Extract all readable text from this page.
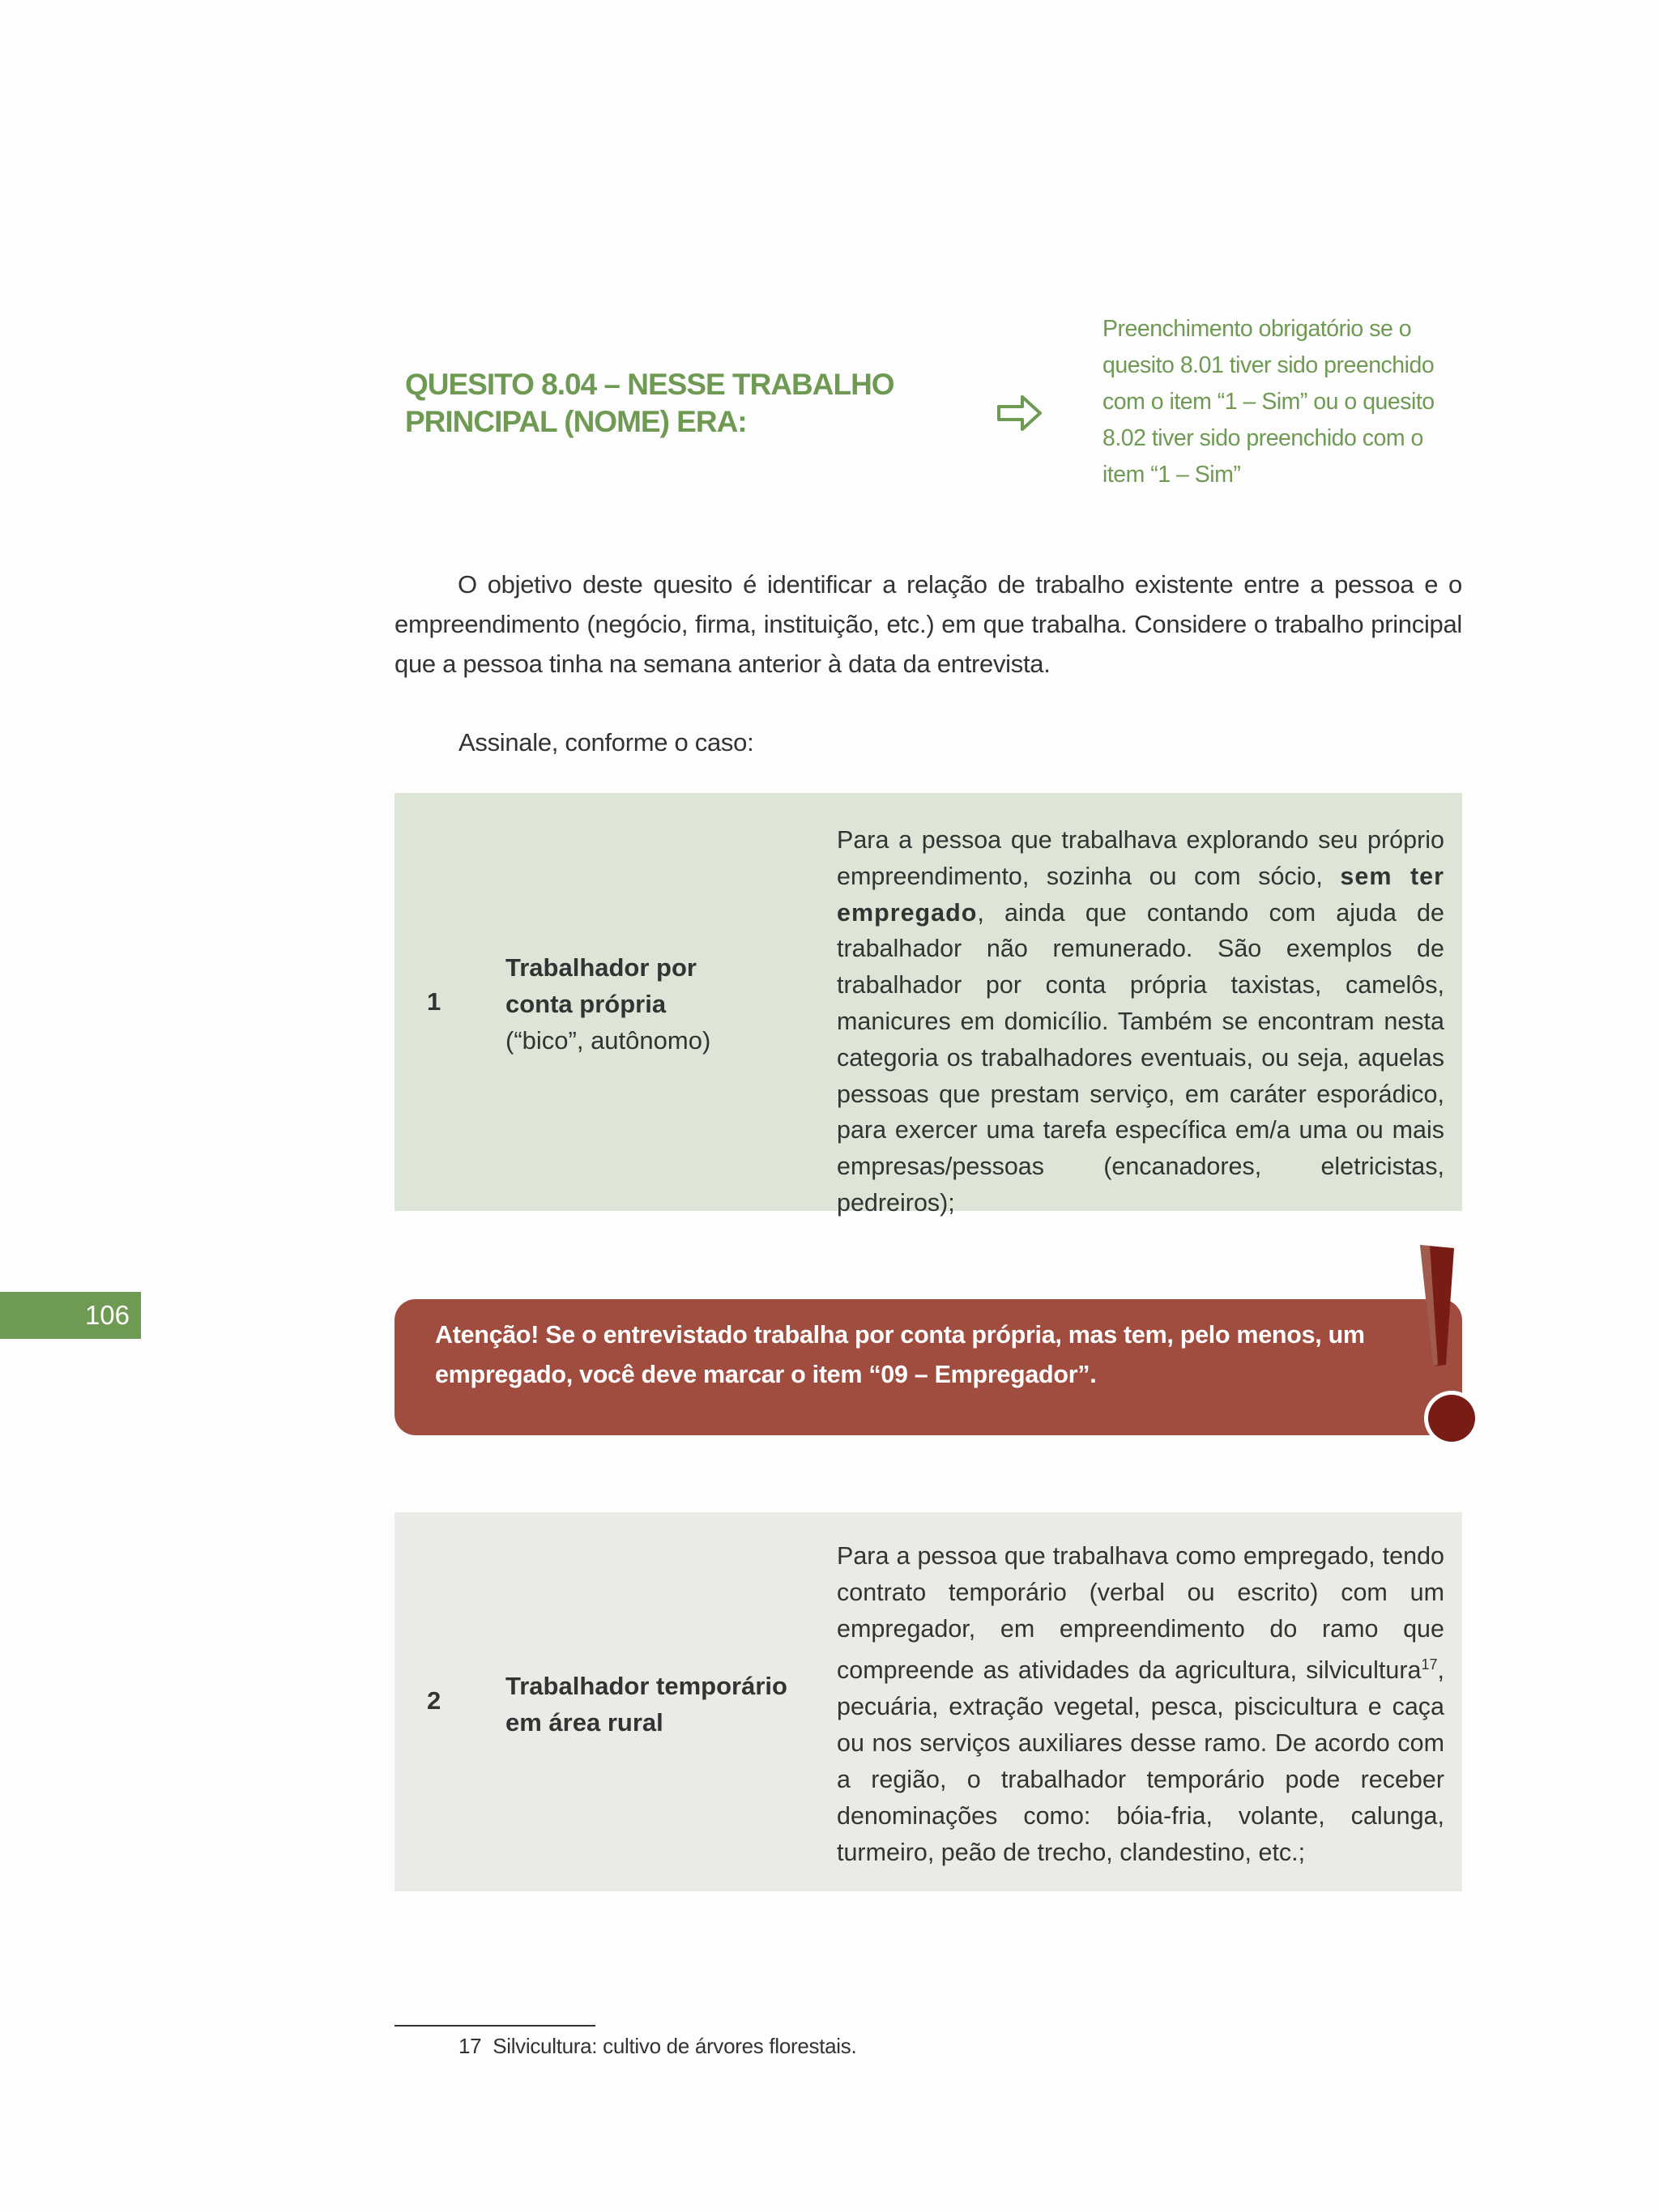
QUESITO 8.04 – NESSE TRABALHO
PRINCIPAL (NOME) ERA:
Preenchimento obrigatório se o
quesito 8.01 tiver sido preenchido
com o item “1 – Sim” ou o quesito
8.02 tiver sido preenchido com o
item “1 – Sim”
O objetivo deste quesito é identificar a relação de trabalho existente entre a pessoa e o empreendimento (negócio, firma, instituição, etc.) em que trabalha. Considere o trabalho principal que a pessoa tinha na semana anterior à data da entrevista.
Assinale, conforme o caso:
1
Trabalhador por
conta própria
(“bico”, autônomo)
Para a pessoa que trabalhava explorando seu próprio empreendimento, sozinha ou com sócio, sem ter empregado, ainda que contando com ajuda de trabalhador não remunerado. São exemplos de trabalhador por conta própria taxistas, camelôs, manicures em domicílio. Também se encontram nesta categoria os trabalhadores eventuais, ou seja, aquelas pessoas que prestam serviço, em caráter esporádico, para exercer uma tarefa específica em/a uma ou mais empresas/pessoas (encanadores, eletricistas, pedreiros);
106
Atenção! Se o entrevistado trabalha por conta própria, mas tem, pelo menos, um empregado, você deve marcar o item “09 – Empregador”.
2
Trabalhador temporário
em área rural
Para a pessoa que trabalhava como empregado, tendo contrato temporário (verbal ou escrito) com um empregador, em empreendimento do ramo que compreende as atividades da agricultura, silvicultura$^{17}$, pecuária, extração vegetal, pesca, piscicultura e caça ou nos serviços auxiliares desse ramo. De acordo com a região, o trabalhador temporário pode receber denominações como: bóia-fria, volante, calunga, turmeiro, peão de trecho, clandestino, etc.;
17 Silvicultura: cultivo de árvores florestais.
